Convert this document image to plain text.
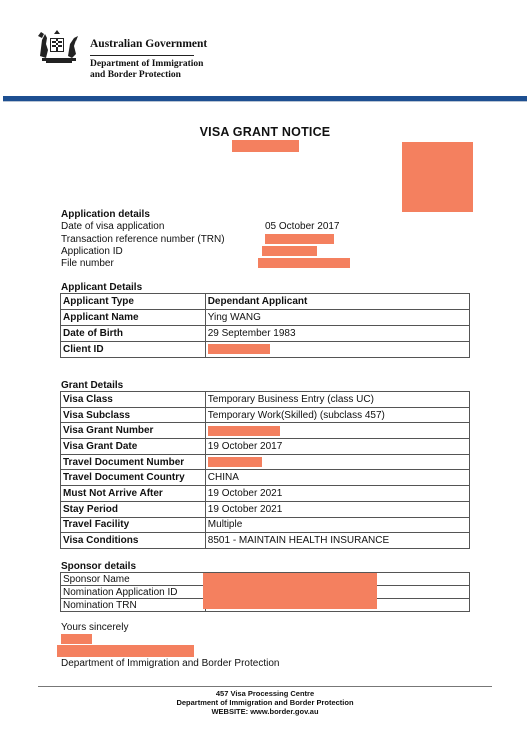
Australian Government
Department of Immigration
and Border Protection
VISA GRANT NOTICE
Application details
Date of visa application	05 October 2017
Transaction reference number (TRN)
Application ID
File number
Applicant Details
Applicant Type	Dependant Applicant
Applicant Name	Ying WANG
Date of Birth	29 September 1983
Client ID	
Grant Details
Visa Class	Temporary Business Entry (class UC)
Visa Subclass	Temporary Work(Skilled) (subclass 457)
Visa Grant Number	
Visa Grant Date	19 October 2017
Travel Document Number	
Travel Document Country	CHINA
Must Not Arrive After	19 October 2021
Stay Period	19 October 2021
Travel Facility	Multiple
Visa Conditions	8501 - MAINTAIN HEALTH INSURANCE
Sponsor details
Sponsor Name	
Nomination Application ID	
Nomination TRN	
Yours sincerely
Department of Immigration and Border Protection
457 Visa Processing Centre
Department of Immigration and Border Protection
WEBSITE: www.border.gov.au
